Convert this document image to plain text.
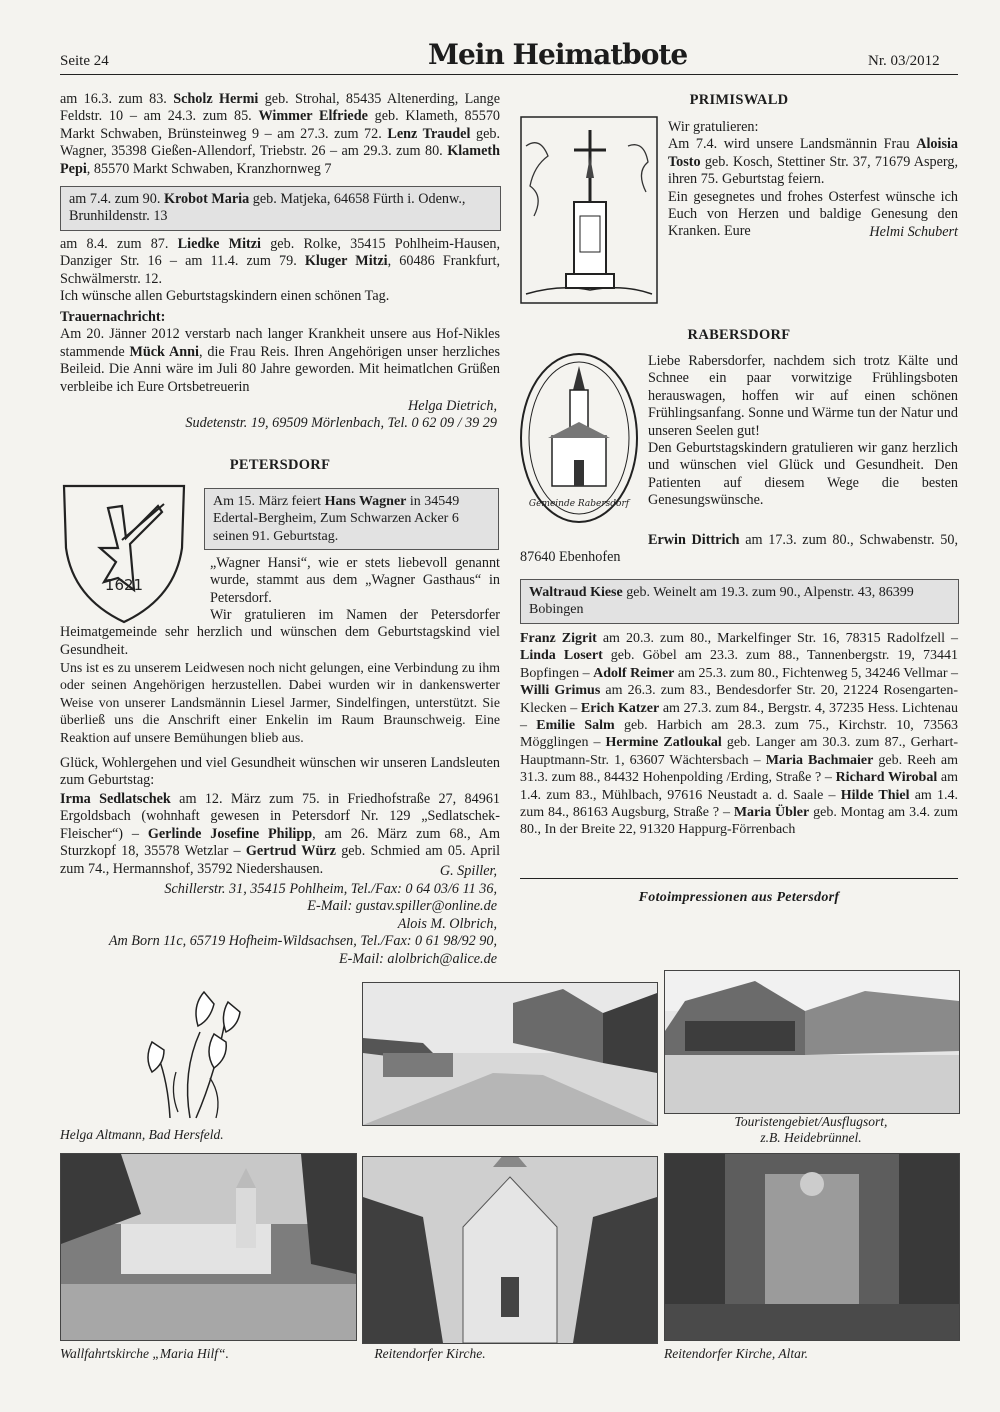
Seite 24	Mein Heimatbote	Nr. 03/2012
am 16.3. zum 83. Scholz Hermi geb. Strohal, 85435 Altenerding, Lange Feldstr. 10 – am 24.3. zum 85. Wimmer Elfriede geb. Klameth, 85570 Markt Schwaben, Brünsteinweg 9 – am 27.3. zum 72. Lenz Traudel geb. Wagner, 35398 Gießen-Allendorf, Triebstr. 26 – am 29.3. zum 80. Klameth Pepi, 85570 Markt Schwaben, Kranzhornweg 7
am 7.4. zum 90. Krobot Maria geb. Matjeka, 64658 Fürth i. Odenw., Brunhildenstr. 13
am 8.4. zum 87. Liedke Mitzi geb. Rolke, 35415 Pohlheim-Hausen, Danziger Str. 16 – am 11.4. zum 79. Kluger Mitzi, 60486 Frankfurt, Schwälmerstr. 12.
Ich wünsche allen Geburtstagskindern einen schönen Tag.
Trauernachricht:
Am 20. Jänner 2012 verstarb nach langer Krankheit unsere aus Hof-Nikles stammende Mück Anni, die Frau Reis. Ihren Angehörigen unser herzliches Beileid. Die Anni wäre im Juli 80 Jahre geworden. Mit heimatlchen Grüßen verbleibe ich Eure Ortsbetreuerin
Helga Dietrich,
Sudetenstr. 19, 69509 Mörlenbach, Tel. 0 62 09 / 39 29
PETERSDORF
1621
Am 15. März feiert Hans Wagner in 34549 Edertal-Bergheim, Zum Schwarzen Acker 6 seinen 91. Geburtstag.
„Wagner Hansi“, wie er stets liebevoll genannt wurde, stammt aus dem „Wagner Gasthaus“ in Petersdorf.
Wir gratulieren im Namen der Petersdorfer Heimatgemeinde sehr herzlich und wünschen dem Geburtstagskind viel Gesundheit.
Uns ist es zu unserem Leidwesen noch nicht gelungen, eine Verbindung zu ihm oder seinen Angehörigen herzustellen. Dabei wurden wir in dankenswerter Weise von unserer Landsmännin Liesel Jarmer, Sindelfingen, unterstützt. Sie überließ uns die Anschrift einer Enkelin im Raum Braunschweig. Eine Reaktion auf unsere Bemühungen blieb aus.
Glück, Wohlergehen und viel Gesundheit wünschen wir unseren Landsleuten zum Geburtstag:
Irma Sedlatschek am 12. März zum 75. in Friedhofstraße 27, 84961 Ergoldsbach (wohnhaft gewesen in Petersdorf Nr. 129 „Sedlatschek-Fleischer“) – Gerlinde Josefine Philipp, am 26. März zum 68., Am Sturzkopf 18, 35578 Wetzlar – Gertrud Würz geb. Schmied am 05. April zum 74., Hermannshof, 35792 Niedershausen.	G. Spiller,
Schillerstr. 31, 35415 Pohlheim, Tel./Fax: 0 64 03/6 11 36,
E-Mail: gustav.spiller@online.de
Alois M. Olbrich,
Am Born 11c, 65719 Hofheim-Wildsachsen, Tel./Fax: 0 61 98/92 90,
E-Mail: alolbrich@alice.de
PRIMISWALD
Wir gratulieren:
Am 7.4. wird unsere Landsmännin Frau Aloisia Tosto geb. Kosch, Stettiner Str. 37, 71679 Asperg, ihren 75. Geburtstag feiern.
Ein gesegnetes und frohes Osterfest wünsche ich Euch von Herzen und baldige Genesung den Kranken. Eure	Helmi Schubert
RABERSDORF
Gemeinde Rabersdorf
Liebe Rabersdorfer, nachdem sich trotz Kälte und Schnee ein paar vorwitzige Frühlingsboten herauswagen, hoffen wir auf einen schönen Frühlingsanfang. Sonne und Wärme tun der Natur und unseren Seelen gut!
Den Geburtstagskindern gratulieren wir ganz herzlich und wünschen viel Glück und Gesundheit. Den Patienten auf diesem Wege die besten Genesungswünsche.
Erwin Dittrich am 17.3. zum 80., Schwabenstr. 50, 87640 Ebenhofen
Waltraud Kiese geb. Weinelt am 19.3. zum 90., Alpenstr. 43, 86399 Bobingen
Franz Zigrit am 20.3. zum 80., Markelfinger Str. 16, 78315 Radolfzell – Linda Losert geb. Göbel am 23.3. zum 88., Tannenbergstr. 19, 73441 Bopfingen – Adolf Reimer am 25.3. zum 80., Fichtenweg 5, 34246 Vellmar – Willi Grimus am 26.3. zum 83., Bendesdorfer Str. 20, 21224 Rosengarten-Klecken – Erich Katzer am 27.3. zum 84., Bergstr. 4, 37235 Hess. Lichtenau – Emilie Salm geb. Harbich am 28.3. zum 75., Kirchstr. 10, 73563 Mögglingen – Hermine Zatloukal geb. Langer am 30.3. zum 87., Gerhart-Hauptmann-Str. 1, 63607 Wächtersbach – Maria Bachmaier geb. Reeh am 31.3. zum 88., 84432 Hohenpolding /Erding, Straße ? – Richard Wirobal am 1.4. zum 83., Mühlbach, 97616 Neustadt a. d. Saale – Hilde Thiel am 1.4. zum 84., 86163 Augsburg, Straße ? – Maria Übler geb. Montag am 3.4. zum 80., In der Breite 22, 91320 Happurg-Förrenbach
Fotoimpressionen aus Petersdorf
Helga Altmann, Bad Hersfeld.
Touristengebiet/Ausflugsort,
z.B. Heidebrünnel.
Wallfahrtskirche „Maria Hilf“.	Reitendorfer Kirche.	Reitendorfer Kirche, Altar.
